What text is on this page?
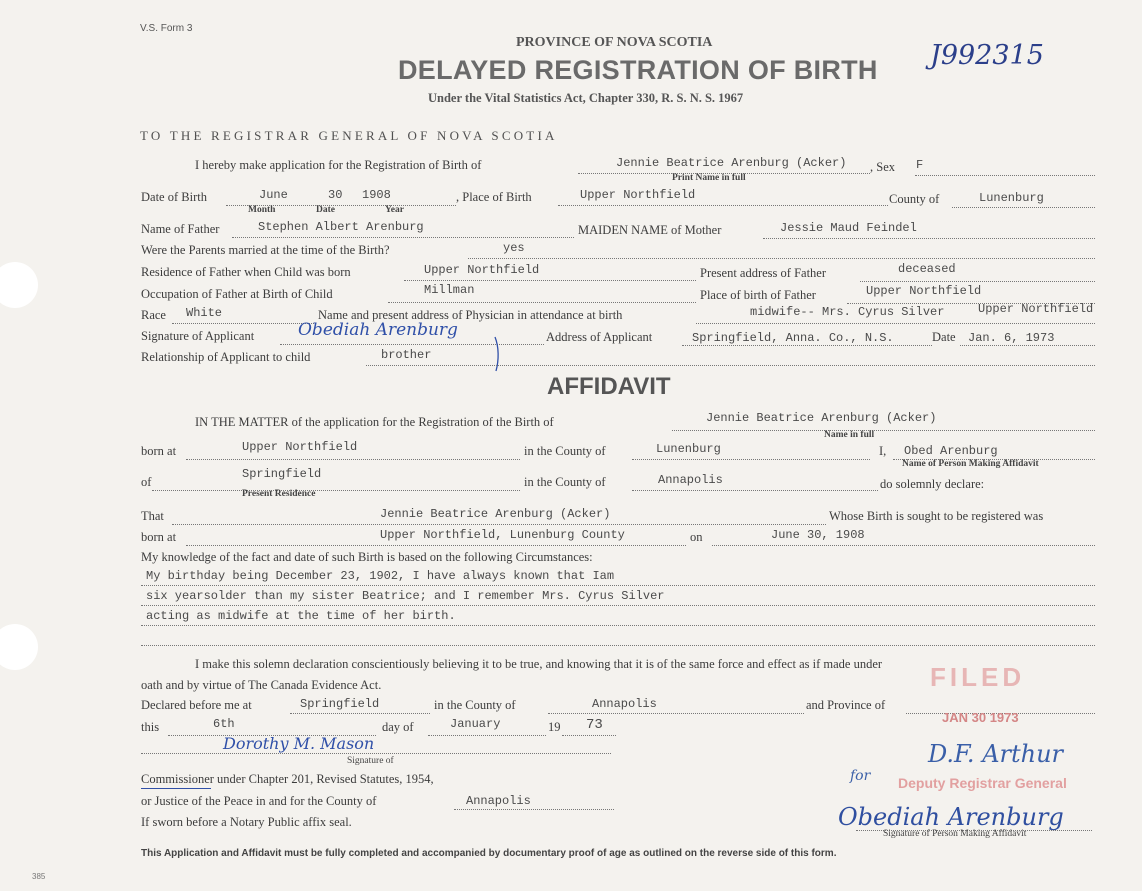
V.S. Form 3
PROVINCE OF NOVA SCOTIA
DELAYED REGISTRATION OF BIRTH
Under the Vital Statistics Act, Chapter 330, R. S. N. S. 1967
J992315
TO THE REGISTRAR GENERAL OF NOVA SCOTIA
I hereby make application for the Registration of Birth of	Jennie Beatrice Arenburg (Acker)
Print Name in full
, Sex F
Date of Birth	June	30 1908
Month	Date	Year
, Place of Birth	Upper Northfield	County of	Lunenburg
Name of Father	Stephen Albert Arenburg	MAIDEN NAME of Mother	Jessie Maud Feindel
Were the Parents married at the time of the Birth?	yes
Residence of Father when Child was born	Upper Northfield	Present address of Father	deceased
Occupation of Father at Birth of Child	Millman	Place of birth of Father	Upper Northfield
Race White	Name and present address of Physician in attendance at birth	midwife-- Mrs. Cyrus Silver	Upper Northfield
Signature of Applicant	Obediah Arenburg	Address of Applicant	Springfield, Anna. Co., N.S.	Date Jan. 6, 1973
Relationship of Applicant to child	brother
AFFIDAVIT
IN THE MATTER of the application for the Registration of the Birth of	Jennie Beatrice Arenburg (Acker)
Name in full
born at	Upper Northfield	in the County of	Lunenburg	I, Obed Arenburg
Name of Person Making Affidavit
of
Springfield
Present Residence
in the County of	Annapolis	do solemnly declare:
That	Jennie Beatrice Arenburg (Acker)	Whose Birth is sought to be registered was
born at	Upper Northfield, Lunenburg County	on	June 30, 1908
My knowledge of the fact and date of such Birth is based on the following Circumstances:
My birthday being December 23, 1902, I have always known that Iam
six yearsolder than my sister Beatrice; and I remember Mrs. Cyrus Silver
acting as midwife at the time of her birth.
I make this solemn declaration conscientiously believing it to be true, and knowing that it is of the same force and effect as if made under
oath and by virtue of The Canada Evidence Act.
Declared before me at	Springfield	in the County of	Annapolis	and Province of
this	6th	day of	January	19 73
Dorothy M. Mason
Signature of
Commissioner under Chapter 201, Revised Statutes, 1954,
or Justice of the Peace in and for the County of	Annapolis
If sworn before a Notary Public affix seal.
FILED
JAN 30 1973
D.F. Arthur
for Deputy Registrar General
Obediah Arenburg
Signature of Person Making Affidavit
This Application and Affidavit must be fully completed and accompanied by documentary proof of age as outlined on the reverse side of this form.
385
